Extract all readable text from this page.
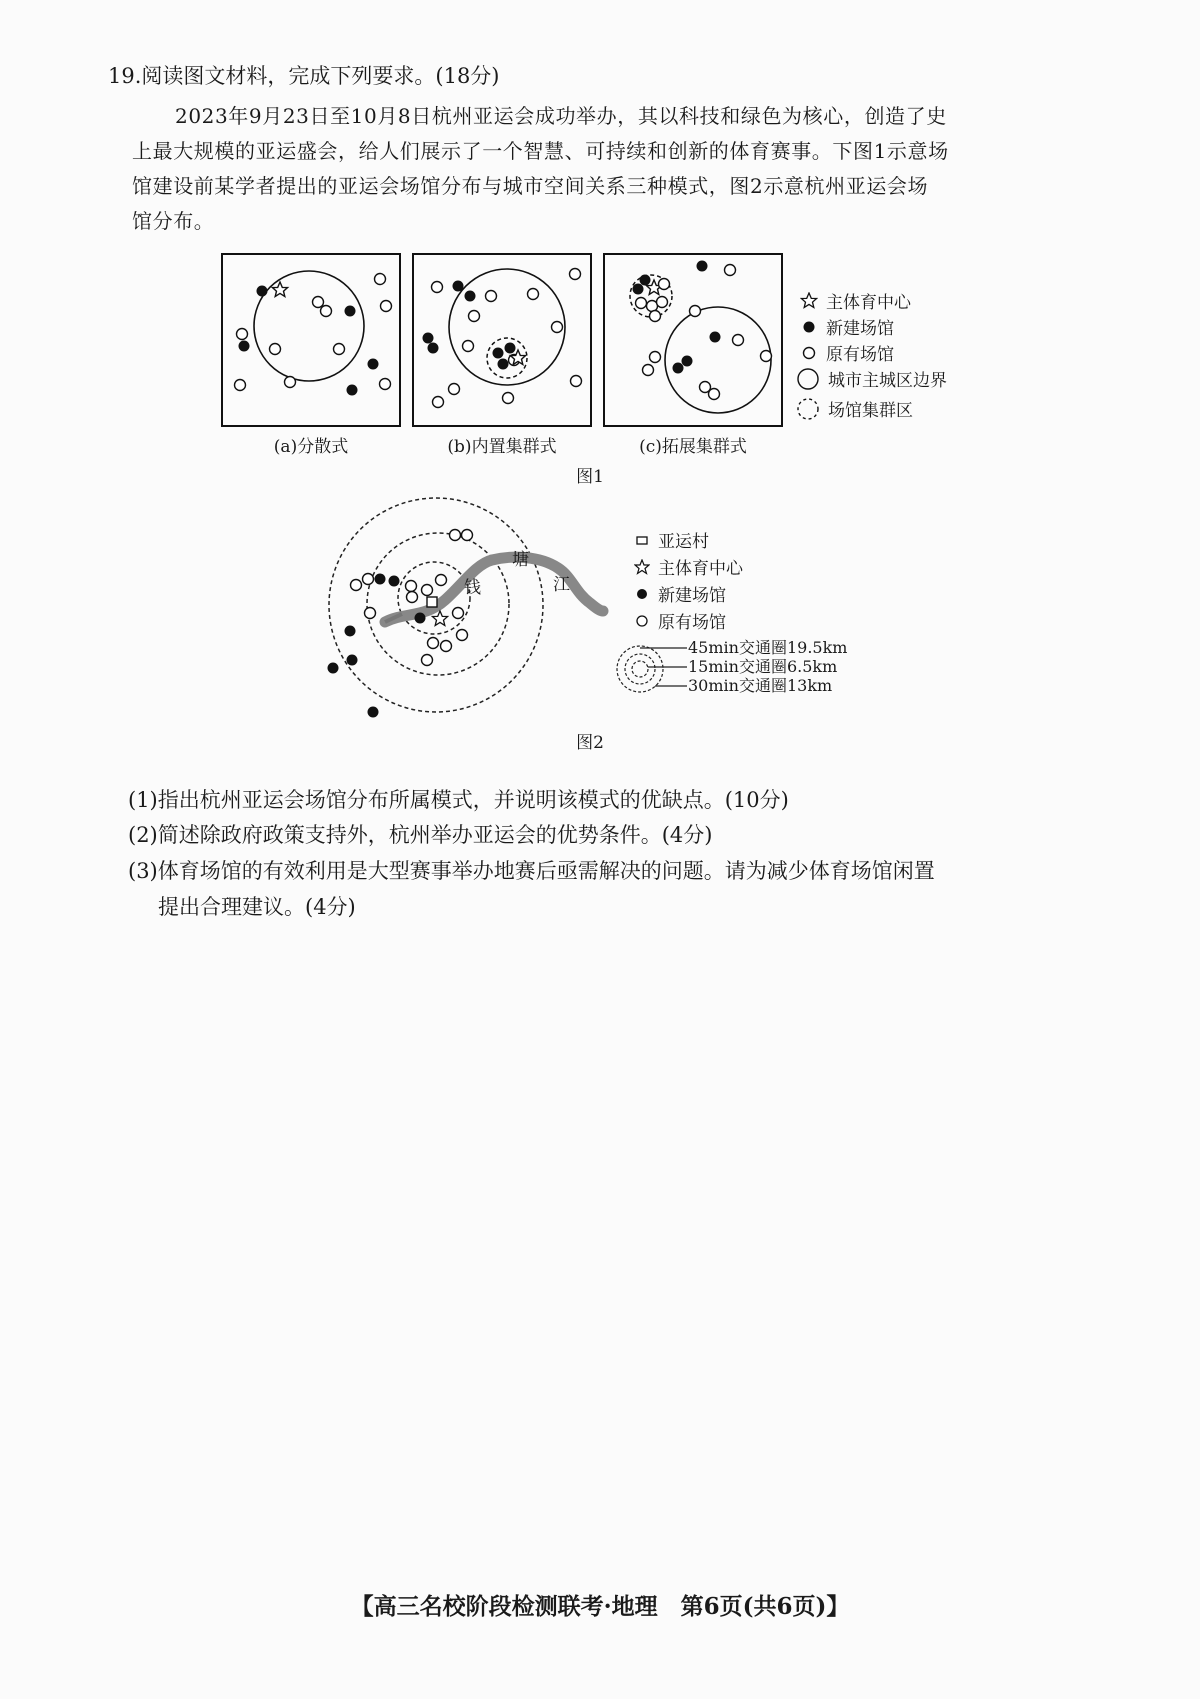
19.阅读图文材料，完成下列要求。(18分)
2023年9月23日至10月8日杭州亚运会成功举办，其以科技和绿色为核心，创造了史
上最大规模的亚运盛会，给人们展示了一个智慧、可持续和创新的体育赛事。下图1示意场
馆建设前某学者提出的亚运会场馆分布与城市空间关系三种模式，图2示意杭州亚运会场
馆分布。
(a)分散式	(b)内置集群式	(c)拓展集群式
图1
主体育中心
新建场馆
原有场馆
城市主城区边界
场馆集群区
钱
塘
江
亚运村
主体育中心
新建场馆
原有场馆
45min交通圈19.5km
15min交通圈6.5km
30min交通圈13km
图2
(1)指出杭州亚运会场馆分布所属模式，并说明该模式的优缺点。(10分)
(2)简述除政府政策支持外，杭州举办亚运会的优势条件。(4分)
(3)体育场馆的有效利用是大型赛事举办地赛后亟需解决的问题。请为减少体育场馆闲置
提出合理建议。(4分)
【高三名校阶段检测联考·地理　第6页(共6页)】
